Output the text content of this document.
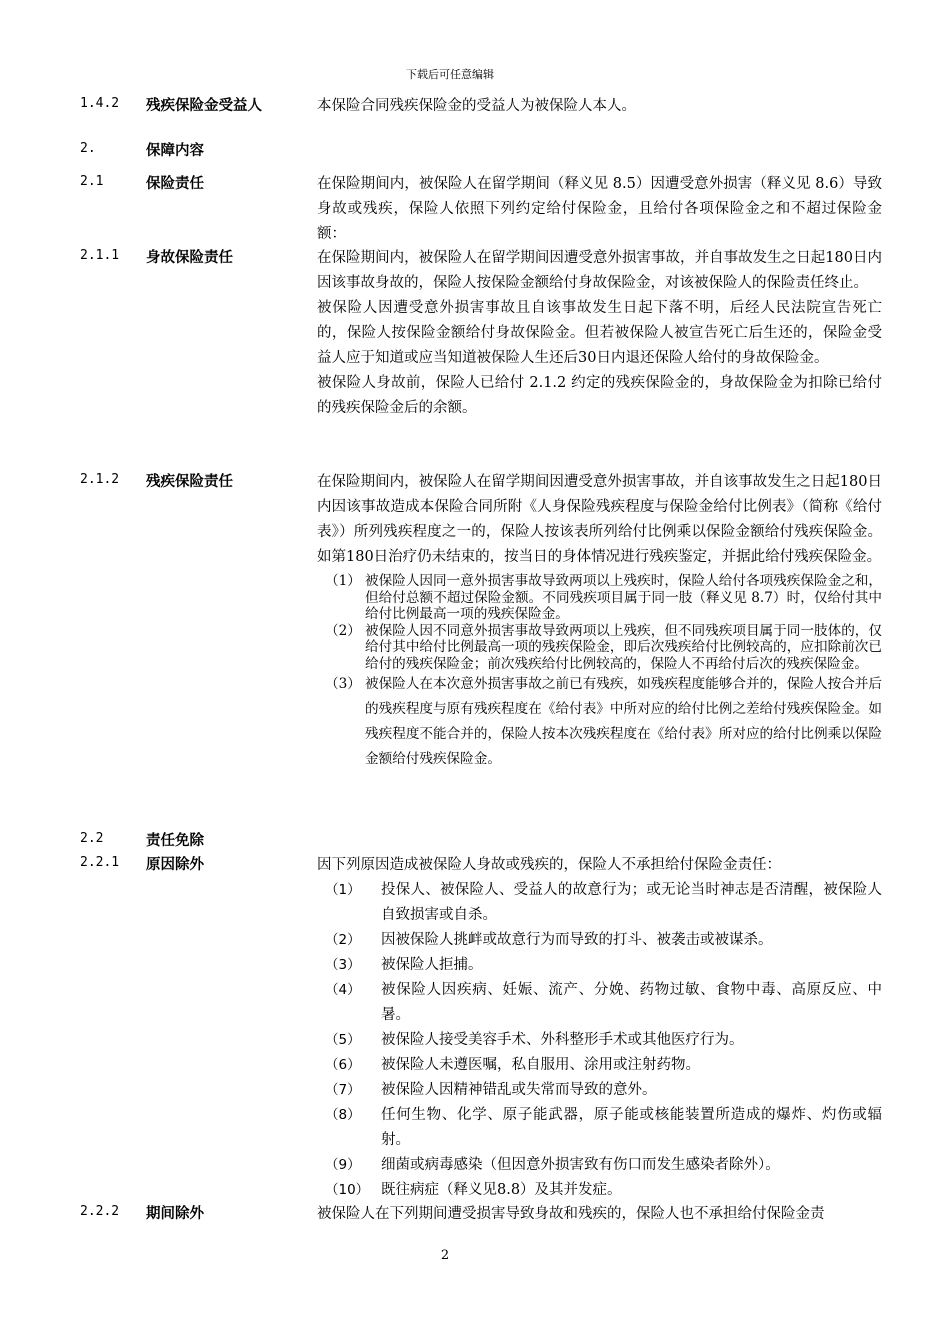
下载后可任意编辑
1.4.2 残疾保险金受益人	本保险合同残疾保险金的受益人为被保险人本人。
2.	保障内容
2.1	保险责任	在保险期间内，被保险人在留学期间（释义见 8.5）因遭受意外损害（释义见 8.6）导致身故或残疾，保险人依照下列约定给付保险金，且给付各项保险金之和不超过保险金额：
2.1.1 身故保险责任	在保险期间内，被保险人在留学期间因遭受意外损害事故，并自事故发生之日起180日内因该事故身故的，保险人按保险金额给付身故保险金，对该被保险人的保险责任终止。

被保险人因遭受意外损害事故且自该事故发生日起下落不明，后经人民法院宣告死亡的，保险人按保险金额给付身故保险金。但若被保险人被宣告死亡后生还的，保险金受益人应于知道或应当知道被保险人生还后30日内退还保险人给付的身故保险金。

被保险人身故前，保险人已给付 2.1.2 约定的残疾保险金的，身故保险金为扣除已给付的残疾保险金后的余额。

2.1.2 残疾保险责任	在保险期间内，被保险人在留学期间因遭受意外损害事故，并自该事故发生之日起180日内因该事故造成本保险合同所附《人身保险残疾程度与保险金给付比例表》（简称《给付表》）所列残疾程度之一的，保险人按该表所列给付比例乘以保险金额给付残疾保险金。如第180日治疗仍未结束的，按当日的身体情况进行残疾鉴定，并据此给付残疾保险金。

（1） 被保险人因同一意外损害事故导致两项以上残疾时，保险人给付各项残疾保险金之和，但给付总额不超过保险金额。不同残疾项目属于同一肢（释义见 8.7）时，仅给付其中给付比例最高一项的残疾保险金。
（2） 被保险人因不同意外损害事故导致两项以上残疾，但不同残疾项目属于同一肢体的，仅给付其中给付比例最高一项的残疾保险金，即后次残疾给付比例较高的，应扣除前次已给付的残疾保险金；前次残疾给付比例较高的，保险人不再给付后次的残疾保险金。
（3） 被保险人在本次意外损害事故之前已有残疾，如残疾程度能够合并的，保险人按合并后的残疾程度与原有残疾程度在《给付表》中所对应的给付比例之差给付残疾保险金。如残疾程度不能合并的，保险人按本次残疾程度在《给付表》所对应的给付比例乘以保险金额给付残疾保险金。
2.2	责任免除
2.2.1 原因除外	因下列原因造成被保险人身故或残疾的，保险人不承担给付保险金责任：

（1） 投保人、被保险人、受益人的故意行为；或无论当时神志是否清醒，被保险人自致损害或自杀。
（2） 因被保险人挑衅或故意行为而导致的打斗、被袭击或被谋杀。
（3） 被保险人拒捕。
（4） 被保险人因疾病、妊娠、流产、分娩、药物过敏、食物中毒、高原反应、中暑。
（5） 被保险人接受美容手术、外科整形手术或其他医疗行为。
（6） 被保险人未遵医嘱，私自服用、涂用或注射药物。
（7） 被保险人因精神错乱或失常而导致的意外。
（8） 任何生物、化学、原子能武器，原子能或核能装置所造成的爆炸、灼伤或辐射。
（9） 细菌或病毒感染（但因意外损害致有伤口而发生感染者除外）。
（10） 既往病症（释义见8.8）及其并发症。
2.2.2 期间除外	被保险人在下列期间遭受损害导致身故和残疾的，保险人也不承担给付保险金责
2
